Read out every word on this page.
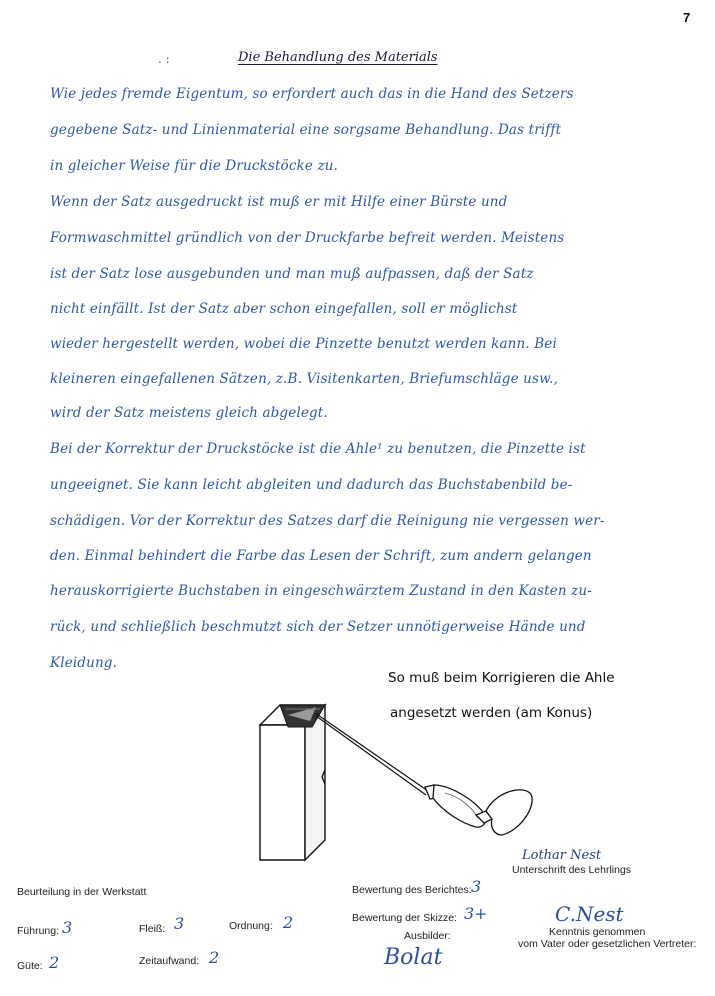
7
. :	Die Behandlung des Materials
Wie jedes fremde Eigentum, so erfordert auch das in die Hand des Setzers
gegebene Satz- und Linienmaterial eine sorgsame Behandlung. Das trifft
in gleicher Weise für die Druckstöcke zu.
Wenn der Satz ausgedruckt ist muß er mit Hilfe einer Bürste und
Formwaschmittel gründlich von der Druckfarbe befreit werden. Meistens
ist der Satz lose ausgebunden und man muß aufpassen, daß der Satz
nicht einfällt. Ist der Satz aber schon eingefallen, soll er möglichst
wieder hergestellt werden, wobei die Pinzette benutzt werden kann. Bei
kleineren eingefallenen Sätzen, z.B. Visitenkarten, Briefumschläge usw.,
wird der Satz meistens gleich abgelegt.
Bei der Korrektur der Druckstöcke ist die Ahle¹ zu benutzen, die Pinzette ist
ungeeignet. Sie kann leicht abgleiten und dadurch das Buchstabenbild be-
schädigen. Vor der Korrektur des Satzes darf die Reinigung nie vergessen wer-
den. Einmal behindert die Farbe das Lesen der Schrift, zum andern gelangen
herauskorrigierte Buchstaben in eingeschwärztem Zustand in den Kasten zu-
rück, und schließlich beschmutzt sich der Setzer unnötigerweise Hände und
Kleidung.
So muß beim Korrigieren die Ahle
angesetzt werden (am Konus)
Lothar Nest
Unterschrift des Lehrlings
Beurteilung in der Werkstatt
Führung: 3	Fleiß: 3	Ordnung: 2
Güte: 2	Zeitaufwand: 2
Bewertung des Berichtes: 3
Bewertung der Skizze: 3+
Ausbilder:
Bolat
C.Nest
Kenntnis genommen
vom Vater oder gesetzlichen Vertreter:
